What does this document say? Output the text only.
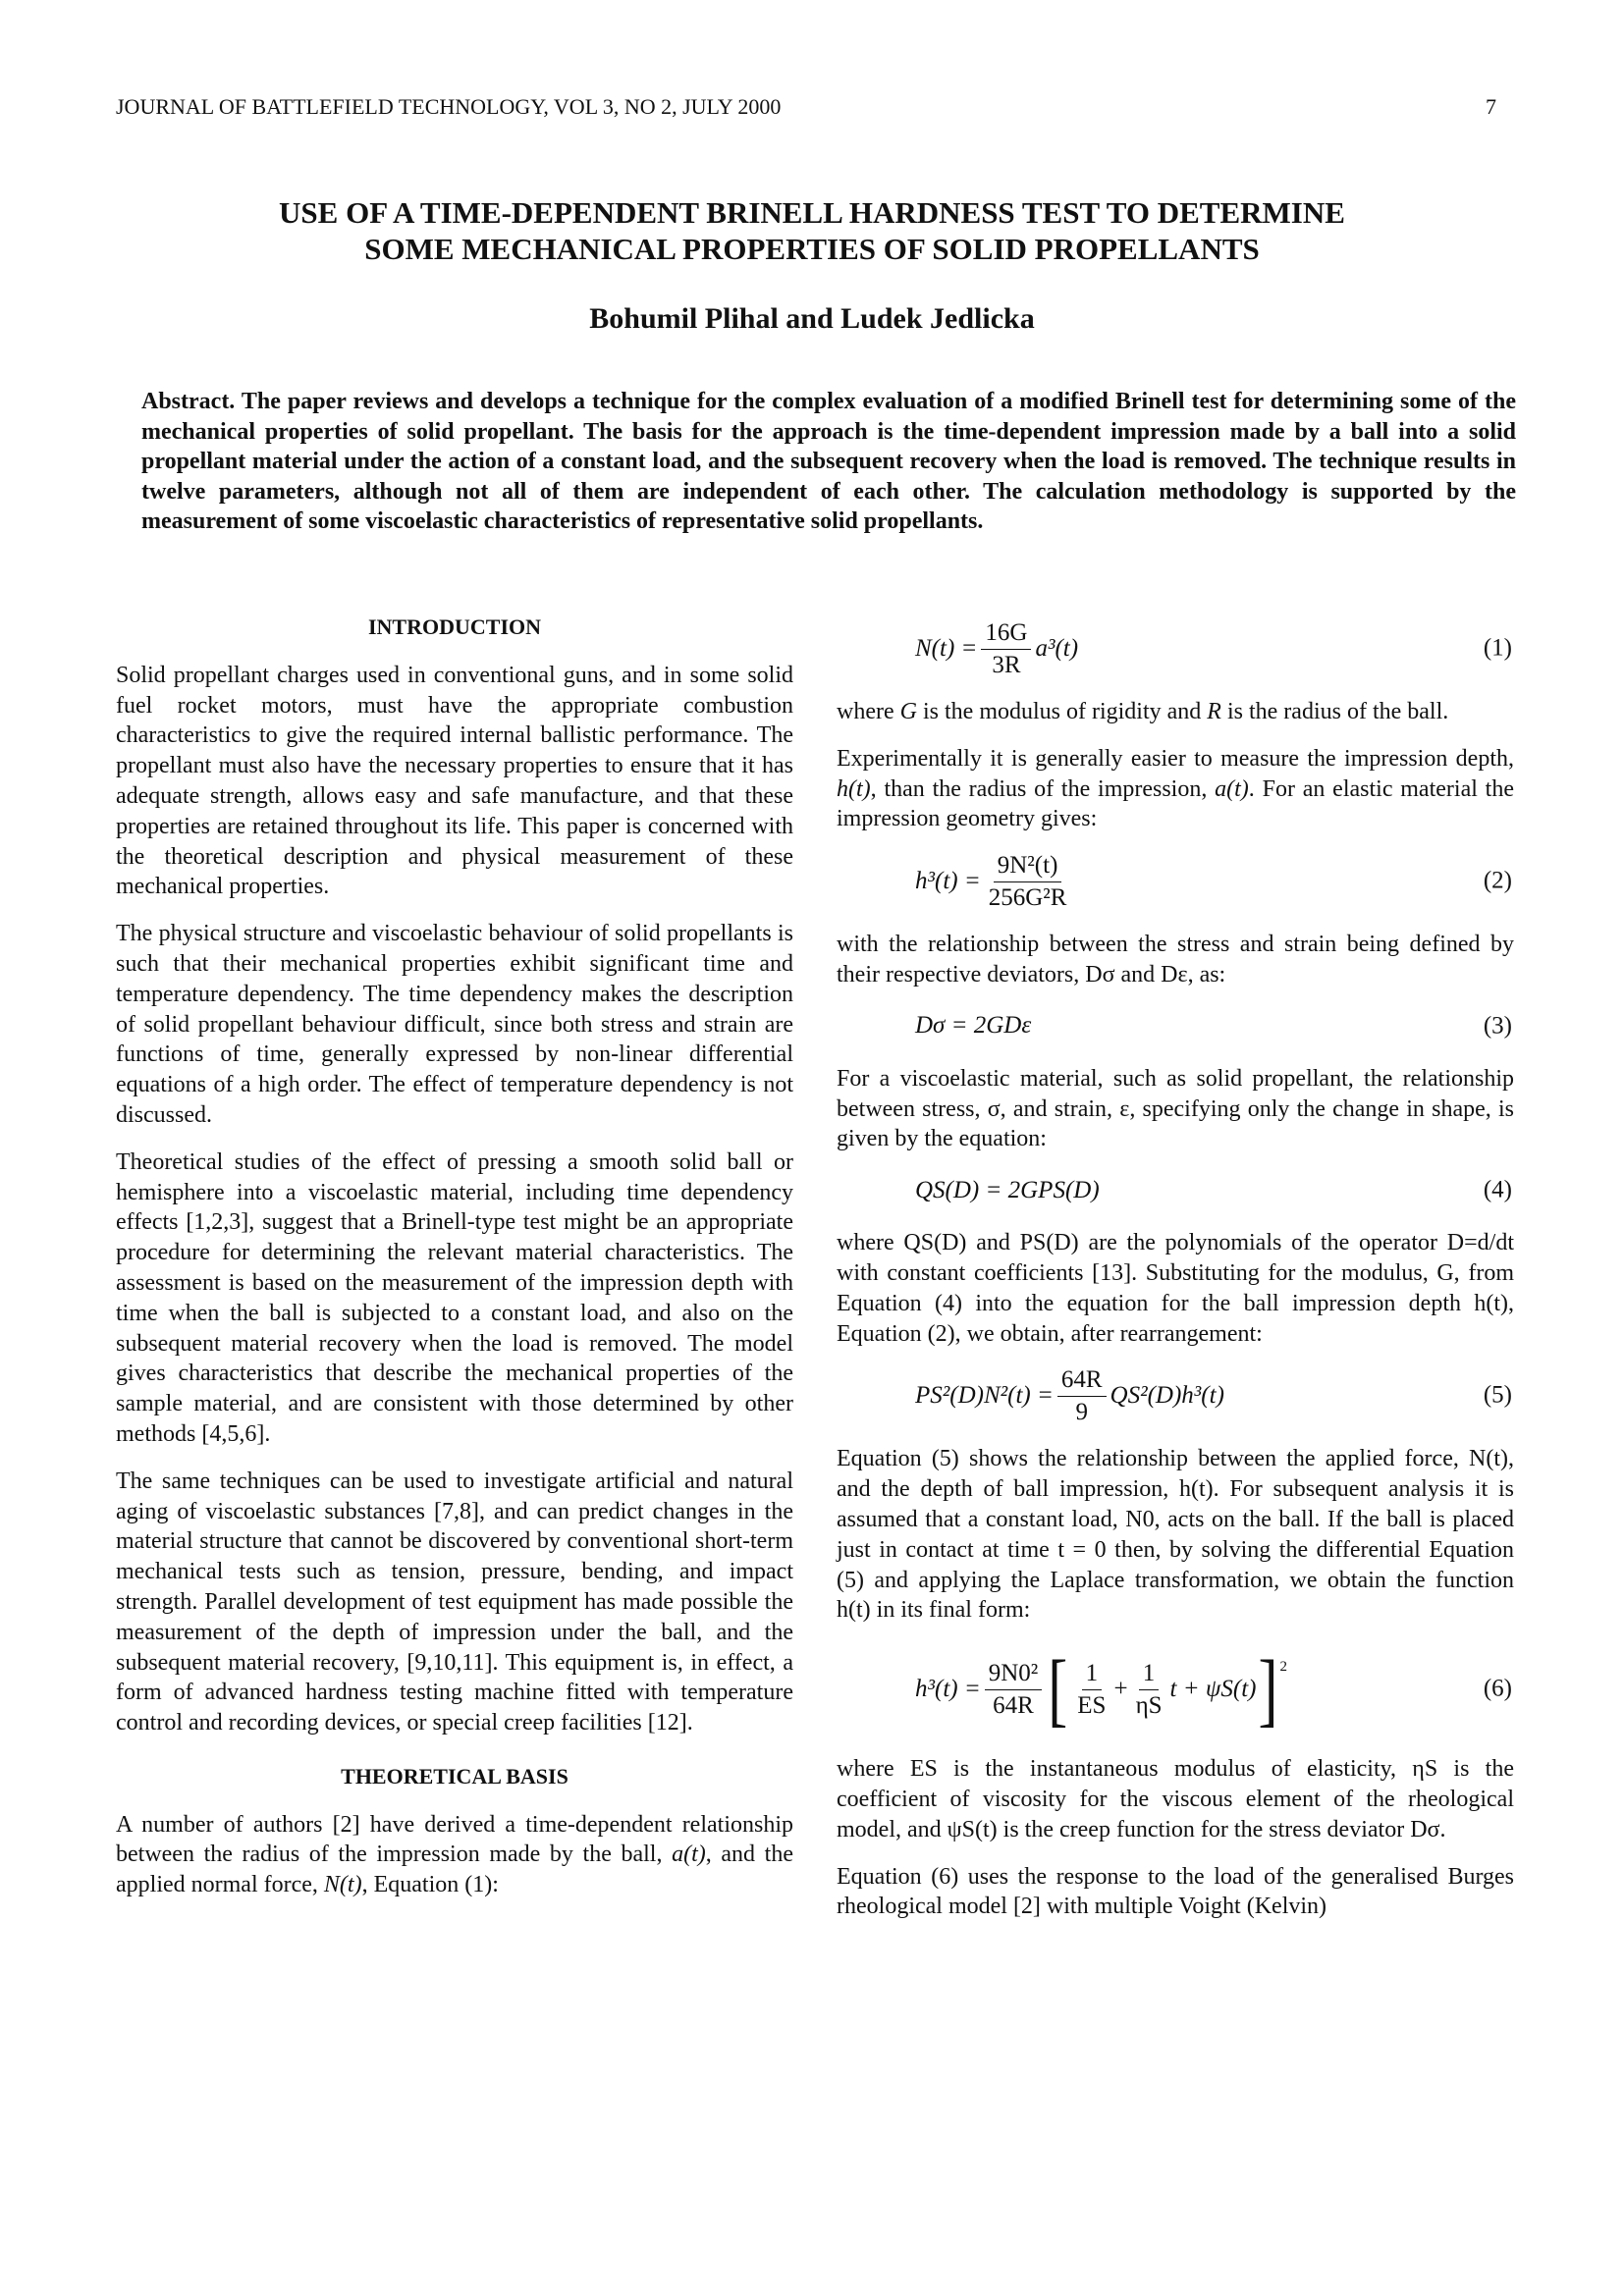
JOURNAL OF BATTLEFIELD TECHNOLOGY, VOL 3, NO 2, JULY 2000	7
USE OF A TIME-DEPENDENT BRINELL HARDNESS TEST TO DETERMINE
SOME MECHANICAL PROPERTIES OF SOLID PROPELLANTS
Bohumil Plihal and Ludek Jedlicka
Abstract. The paper reviews and develops a technique for the complex evaluation of a modified Brinell test for determining some of the mechanical properties of solid propellant. The basis for the approach is the time-dependent impression made by a ball into a solid propellant material under the action of a constant load, and the subsequent recovery when the load is removed. The technique results in twelve parameters, although not all of them are independent of each other. The calculation methodology is supported by the measurement of some viscoelastic characteristics of representative solid propellants.
INTRODUCTION

Solid propellant charges used in conventional guns, and in some solid fuel rocket motors, must have the appropriate combustion characteristics to give the required internal ballistic performance. The propellant must also have the necessary properties to ensure that it has adequate strength, allows easy and safe manufacture, and that these properties are retained throughout its life. This paper is concerned with the theoretical description and physical measurement of these mechanical properties.

The physical structure and viscoelastic behaviour of solid propellants is such that their mechanical properties exhibit significant time and temperature dependency. The time dependency makes the description of solid propellant behaviour difficult, since both stress and strain are functions of time, generally expressed by non-linear differential equations of a high order. The effect of temperature dependency is not discussed.

Theoretical studies of the effect of pressing a smooth solid ball or hemisphere into a viscoelastic material, including time dependency effects [1,2,3], suggest that a Brinell-type test might be an appropriate procedure for determining the relevant material characteristics. The assessment is based on the measurement of the impression depth with time when the ball is subjected to a constant load, and also on the subsequent material recovery when the load is removed. The model gives characteristics that describe the mechanical properties of the sample material, and are consistent with those determined by other methods [4,5,6].

The same techniques can be used to investigate artificial and natural aging of viscoelastic substances [7,8], and can predict changes in the material structure that cannot be discovered by conventional short-term mechanical tests such as tension, pressure, bending, and impact strength. Parallel development of test equipment has made possible the measurement of the depth of impression under the ball, and the subsequent material recovery, [9,10,11]. This equipment is, in effect, a form of advanced hardness testing machine fitted with temperature control and recording devices, or special creep facilities [12].

THEORETICAL BASIS

A number of authors [2] have derived a time-dependent relationship between the radius of the impression made by the ball, a(t), and the applied normal force, N(t), Equation (1):

$N(t) = \frac{16G}{3R} a^3(t)$	(1)

where G is the modulus of rigidity and R is the radius of the ball.

Experimentally it is generally easier to measure the impression depth, h(t), than the radius of the impression, a(t). For an elastic material the impression geometry gives:

$h^3(t) = \frac{\text{9N²(t)}}{\text{256G²R}}$	(2)

with the relationship between the stress and strain being defined by their respective deviators, Dσ and Dε, as:

Dσ = 2GDε	(3)

For a viscoelastic material, such as solid propellant, the relationship between stress, σ, and strain, ε, specifying only the change in shape, is given by the equation:

QS(D) = 2GPS(D)	(4)

where QS(D) and PS(D) are the polynomials of the operator D=d/dt with constant coefficients [13]. Substituting for the modulus, G, from Equation (4) into the equation for the ball impression depth h(t), Equation (2), we obtain, after rearrangement:

$PS^2(D)N^2(t) = \frac{64R}{9} QS^2(D)h^3(t)$	(5)

Equation (5) shows the relationship between the applied force, N(t), and the depth of ball impression, h(t). For subsequent analysis it is assumed that a constant load, N0, acts on the ball. If the ball is placed just in contact at time t = 0 then, by solving the differential Equation (5) and applying the Laplace transformation, we obtain the function h(t) in its final form:

$h^3(t) = \frac{\text{9N0²}}{64R}$ [ $\frac{1}{ES} + \frac{1}{\eta S}$ t + ψS(t) ]$^2$
(6)

where ES is the instantaneous modulus of elasticity, ηS is the coefficient of viscosity for the viscous element of the rheological model, and ψS(t) is the creep function for the stress deviator Dσ.

Equation (6) uses the response to the load of the generalised Burges rheological model [2] with multiple Voight (Kelvin)
